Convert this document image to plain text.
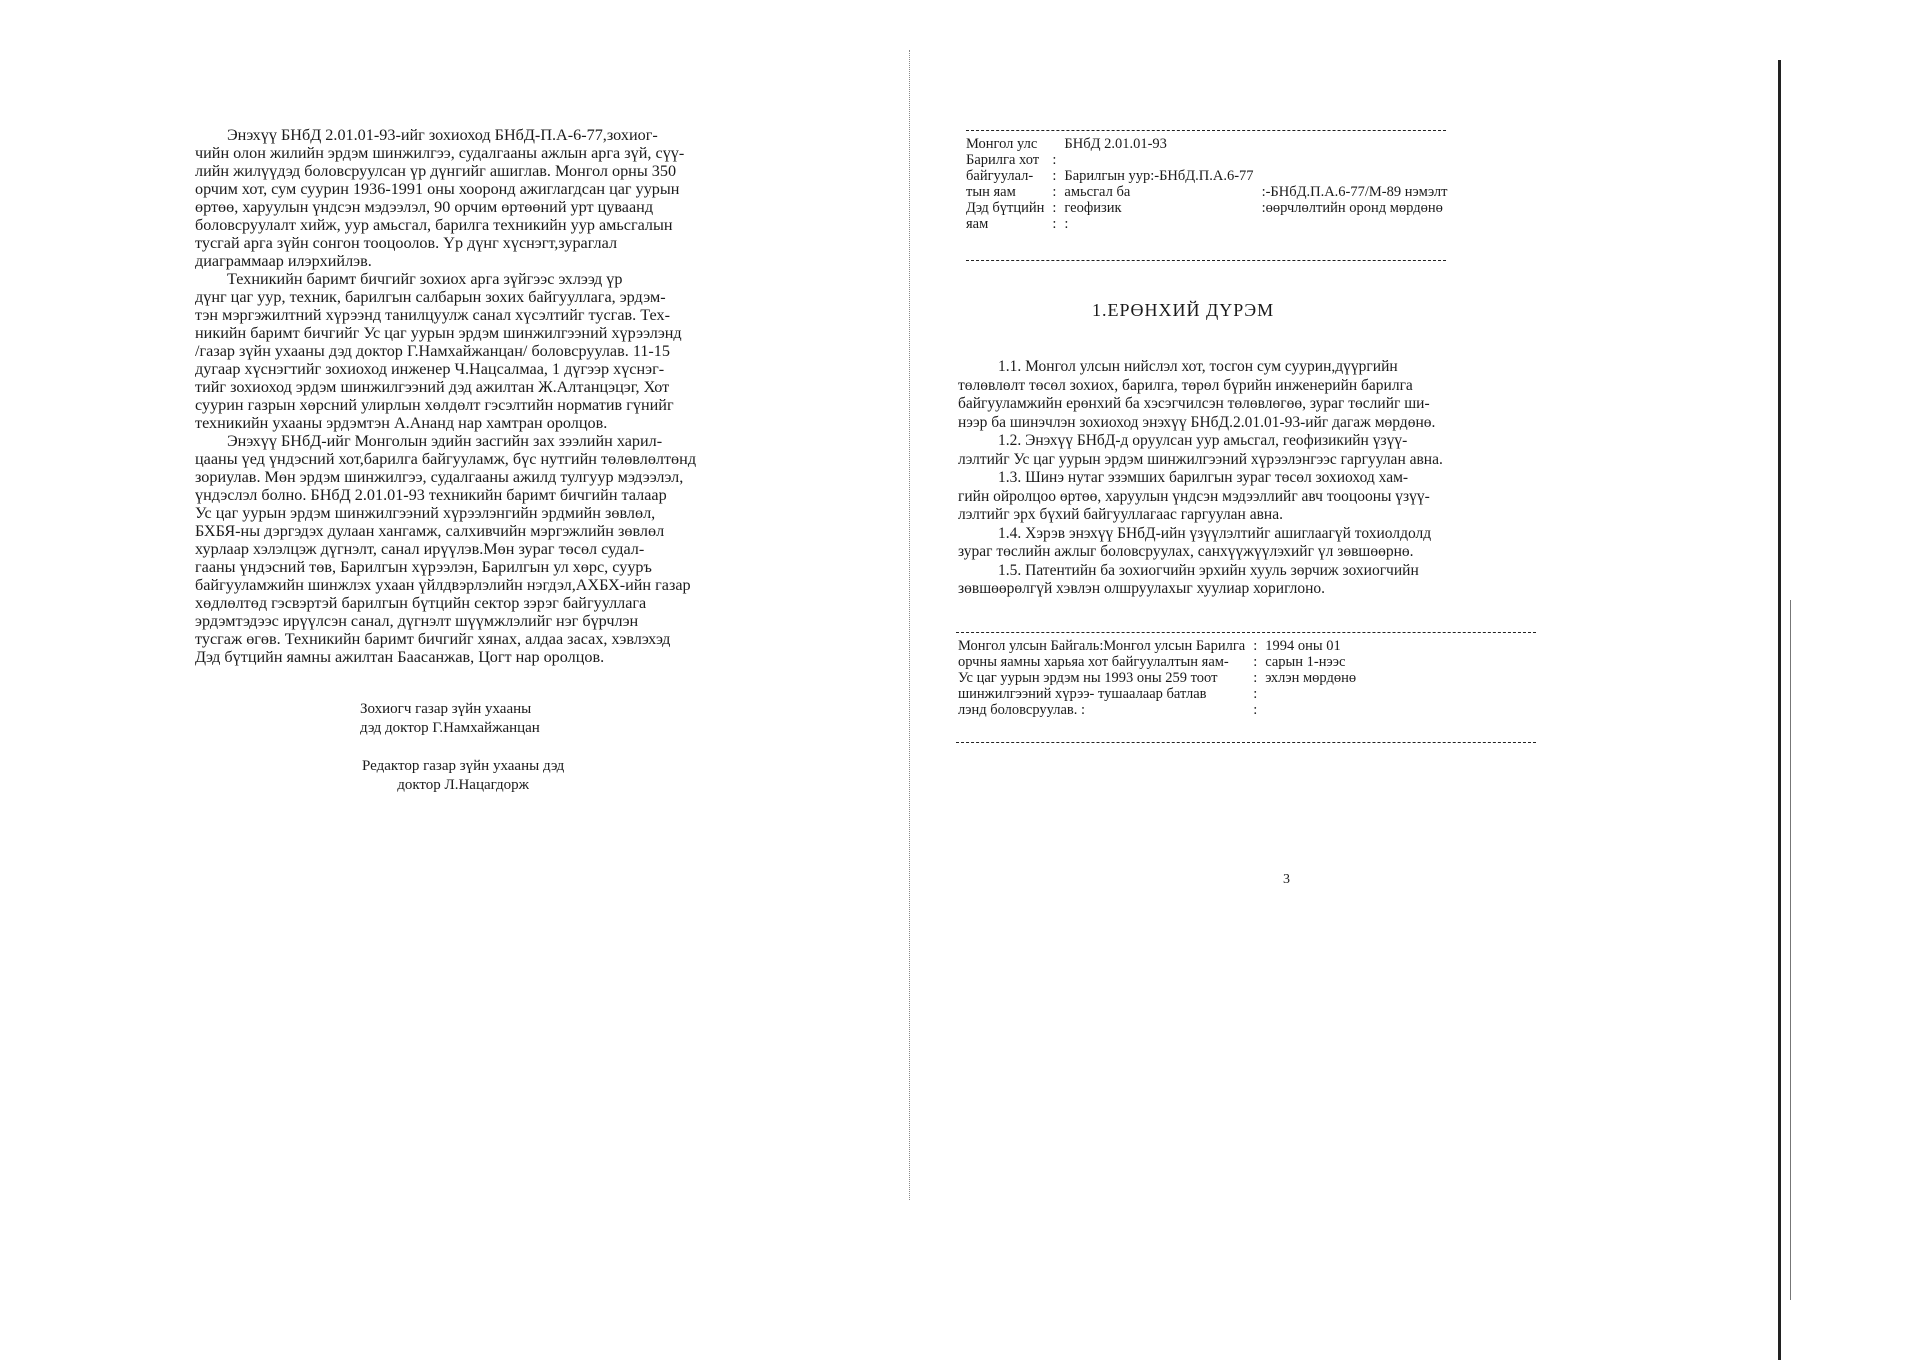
Энэхүү БНбД 2.01.01-93-ийг зохиоход БНбД-П.А-6-77,зохиог-
чийн олон жилийн эрдэм шинжилгээ, судалгааны ажлын арга зүй, сүү-
лийн жилүүдэд боловсруулсан үр дүнгийг ашиглав. Монгол орны 350
орчим хот, сум суурин 1936-1991 оны хооронд ажиглагдсан цаг уурын
өртөө, харуулын үндсэн мэдээлэл, 90 орчим өртөөний урт цуваанд
боловсруулалт хийж, уур амьсгал, барилга техникийн уур амьсгалын
тусгай арга зүйн сонгон тооцоолов. Үр дүнг хүснэгт,зураглал
диаграммаар илэрхийлэв.
Техникийн баримт бичгийг зохиох арга зүйгээс эхлээд үр
дүнг цаг уур, техник, барилгын салбарын зохих байгууллага, эрдэм-
тэн мэргэжилтний хүрээнд танилцуулж санал хүсэлтийг тусгав. Тех-
никийн баримт бичгийг Ус цаг уурын эрдэм шинжилгээний хүрээлэнд
/газар зүйн ухааны дэд доктор Г.Намхайжанцан/ боловсруулав. 11-15
дугаар хүснэгтийг зохиоход инженер Ч.Нацсалмаа, 1 дүгээр хүснэг-
тийг зохиоход эрдэм шинжилгээний дэд ажилтан Ж.Алтанцэцэг, Хот
суурин газрын хөрсний улирлын хөлдөлт гэсэлтийн норматив гүнийг
техникийн ухааны эрдэмтэн А.Ананд нар хамтран оролцов.
Энэхүү БНбД-ийг Монголын эдийн засгийн зах зээлийн харил-
цааны үед үндэсний хот,барилга байгууламж, бүс нутгийн төлөвлөлтөнд
зориулав. Мөн эрдэм шинжилгээ, судалгааны ажилд тулгуур мэдээлэл,
үндэслэл болно. БНбД 2.01.01-93 техникийн баримт бичгийн талаар
Ус цаг уурын эрдэм шинжилгээний хүрээлэнгийн эрдмийн зөвлөл,
БХБЯ-ны дэргэдэх дулаан хангамж, салхивчийн мэргэжлийн зөвлөл
хурлаар хэлэлцэж дүгнэлт, санал ирүүлэв.Мөн зураг төсөл судал-
гааны үндэсний төв, Барилгын хүрээлэн, Барилгын ул хөрс, сууръ
байгууламжийн шинжлэх ухаан үйлдвэрлэлийн нэгдэл,АХБХ-ийн газар
хөдлөлтөд гэсвэртэй барилгын бүтцийн сектор зэрэг байгууллага
эрдэмтэдээс ирүүлсэн санал, дүгнэлт шүүмжлэлийг нэг бүрчлэн
тусгаж өгөв. Техникийн баримт бичгийг хянах, алдаа засах, хэвлэхэд
Дэд бүтцийн яамны ажилтан Баасанжав, Цогт нар оролцов.
Зохиогч газар зүйн ухааны
дэд доктор Г.Намхайжанцан
Редактор газар зүйн ухааны дэд
доктор Л.Нацагдорж
Монгол улс		БНбД 2.01.01-93	
Барилга хот	:		
байгуулал-	:	Барилгын уур:-БНбД.П.А.6-77	
тын яам	:	амьсгал ба	:-БНбД.П.А.6-77/М-89 нэмэлт
Дэд бүтцийн	:	геофизик	:өөрчлөлтийн оронд мөрдөнө
яам	:	:	
1.ЕРӨНХИЙ ДҮРЭМ
1.1. Монгол улсын нийслэл хот, тосгон сум суурин,дүүргийн
төлөвлөлт төсөл зохиох, барилга, төрөл бүрийн инженерийн барилга
байгууламжийн ерөнхий ба хэсэгчилсэн төлөвлөгөө, зураг төслийг ши-
нээр ба шинэчлэн зохиоход энэхүү БНбД.2.01.01-93-ийг дагаж мөрдөнө.
1.2. Энэхүү БНбД-д оруулсан уур амьсгал, геофизикийн үзүү-
лэлтийг Ус цаг уурын эрдэм шинжилгээний хүрээлэнгээс гаргуулан авна.
1.3. Шинэ нутаг эзэмших барилгын зураг төсөл зохиоход хам-
гийн ойролцоо өртөө, харуулын үндсэн мэдээллийг авч тооцооны үзүү-
лэлтийг эрх бүхий байгууллагаас гаргуулан авна.
1.4. Хэрэв энэхүү БНбД-ийн үзүүлэлтийг ашиглаагүй тохиолдолд
зураг төслийн ажлыг боловсруулах, санхүүжүүлэхийг үл зөвшөөрнө.
1.5. Патентийн ба зохиогчийн эрхийн хууль зөрчиж зохиогчийн
зөвшөөрөлгүй хэвлэн олшруулахыг хуулиар хориглоно.
Монгол улсын Байгаль:Монгол улсын Барилга	:	1994 оны 01
орчны яамны харьяа хот байгуулалтын яам-	:	сарын 1-нээс
Ус цаг уурын эрдэм ны 1993 оны 259 тоот	:	эхлэн мөрдөнө
шинжилгээний хүрээ- тушаалаар батлав	:	
лэнд боловсруулав. :	:	
3
